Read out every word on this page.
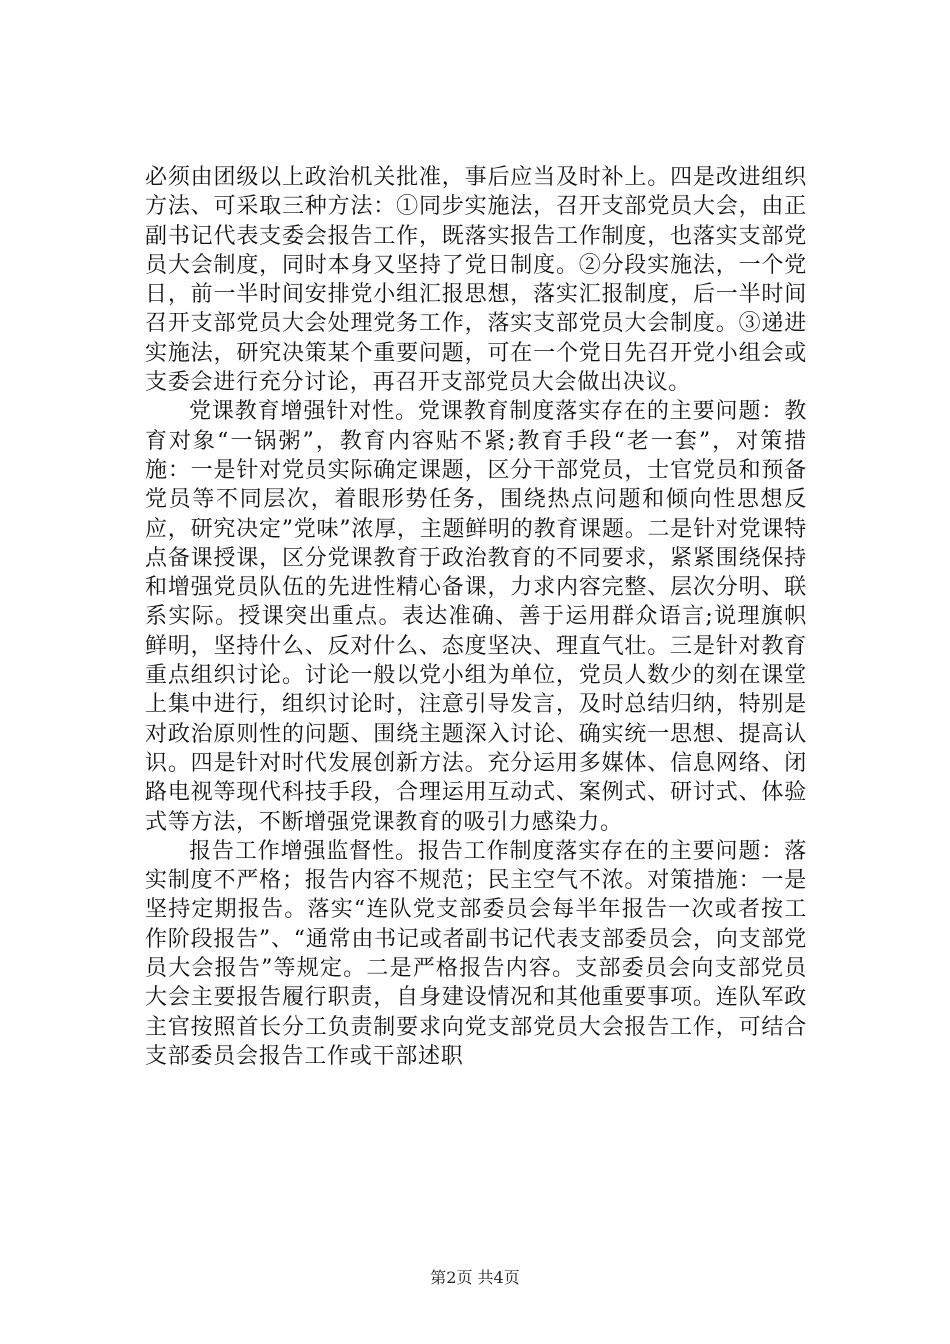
必须由团级以上政治机关批准，事后应当及时补上。四是改进组织方法、可采取三种方法：①同步实施法，召开支部党员大会，由正副书记代表支委会报告工作，既落实报告工作制度，也落实支部党员大会制度，同时本身又坚持了党日制度。②分段实施法，一个党日，前一半时间安排党小组汇报思想，落实汇报制度，后一半时间召开支部党员大会处理党务工作，落实支部党员大会制度。③递进实施法，研究决策某个重要问题，可在一个党日先召开党小组会或支委会进行充分讨论，再召开支部党员大会做出决议。

党课教育增强针对性。党课教育制度落实存在的主要问题：教育对象“一锅粥”，教育内容贴不紧;教育手段“老一套”，对策措施：一是针对党员实际确定课题，区分干部党员，士官党员和预备党员等不同层次，着眼形势任务，围绕热点问题和倾向性思想反应，研究决定”党味”浓厚，主题鲜明的教育课题。二是针对党课特点备课授课，区分党课教育于政治教育的不同要求，紧紧围绕保持和增强党员队伍的先进性精心备课，力求内容完整、层次分明、联系实际。授课突出重点。表达准确、善于运用群众语言;说理旗帜鲜明，坚持什么、反对什么、态度坚决、理直气壮。三是针对教育重点组织讨论。讨论一般以党小组为单位，党员人数少的刻在课堂上集中进行，组织讨论时，注意引导发言，及时总结归纳，特别是对政治原则性的问题、围绕主题深入讨论、确实统一思想、提高认识。四是针对时代发展创新方法。充分运用多媒体、信息网络、闭路电视等现代科技手段，合理运用互动式、案例式、研讨式、体验式等方法，不断增强党课教育的吸引力感染力。

报告工作增强监督性。报告工作制度落实存在的主要问题：落实制度不严格；报告内容不规范；民主空气不浓。对策措施：一是坚持定期报告。落实“连队党支部委员会每半年报告一次或者按工作阶段报告”、“通常由书记或者副书记代表支部委员会，向支部党员大会报告”等规定。二是严格报告内容。支部委员会向支部党员大会主要报告履行职责，自身建设情况和其他重要事项。连队军政主官按照首长分工负责制要求向党支部党员大会报告工作，可结合支部委员会报告工作或干部述职

第2页 共4页
